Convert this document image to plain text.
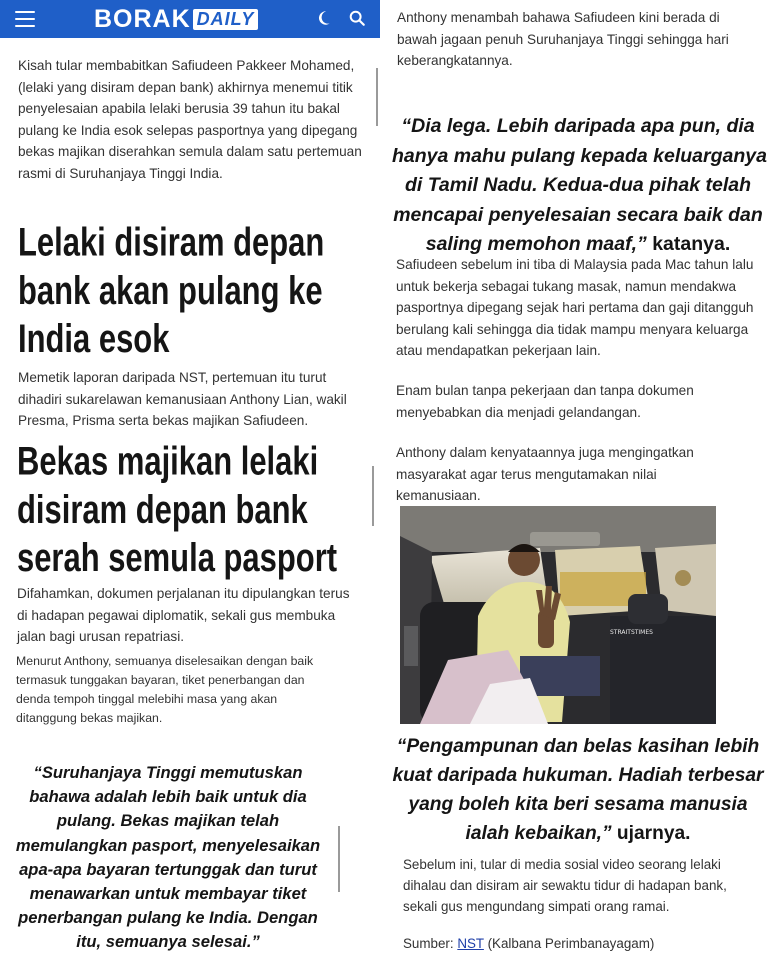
BORAK DAILY

Kisah tular membabitkan Safiudeen Pakkeer Mohamed, (lelaki yang disiram depan bank) akhirnya menemui titik penyelesaian apabila lelaki berusia 39 tahun itu bakal pulang ke India esok selepas pasportnya yang dipegang bekas majikan diserahkan semula dalam satu pertemuan rasmi di Suruhanjaya Tinggi India.

Lelaki disiram depan
bank akan pulang ke
India esok

Memetik laporan daripada NST, pertemuan itu turut dihadiri sukarelawan kemanusiaan Anthony Lian, wakil Presma, Prisma serta bekas majikan Safiudeen.

Bekas majikan lelaki
disiram depan bank
serah semula pasport

Difahamkan, dokumen perjalanan itu dipulangkan terus di hadapan pegawai diplomatik, sekali gus membuka jalan bagi urusan repatriasi.

Menurut Anthony, semuanya diselesaikan dengan baik termasuk tunggakan bayaran, tiket penerbangan dan denda tempoh tinggal melebihi masa yang akan ditanggung bekas majikan.

“Suruhanjaya Tinggi memutuskan
bahawa adalah lebih baik untuk dia
pulang. Bekas majikan telah
memulangkan pasport, menyelesaikan
apa-apa bayaran tertunggak dan turut
menawarkan untuk membayar tiket
penerbangan pulang ke India. Dengan
itu, semuanya selesai.”

Anthony menambah bahawa Safiudeen kini berada di bawah jagaan penuh Suruhanjaya Tinggi sehingga hari keberangkatannya.

“Dia lega. Lebih daripada apa pun, dia
hanya mahu pulang kepada keluarganya
di Tamil Nadu. Kedua-dua pihak telah
mencapai penyelesaian secara baik dan
saling memohon maaf,” katanya.

Safiudeen sebelum ini tiba di Malaysia pada Mac tahun lalu untuk bekerja sebagai tukang masak, namun mendakwa pasportnya dipegang sejak hari pertama dan gaji ditangguh berulang kali sehingga dia tidak mampu menyara keluarga atau mendapatkan pekerjaan lain.

Enam bulan tanpa pekerjaan dan tanpa dokumen menyebabkan dia menjadi gelandangan.

Anthony dalam kenyataannya juga mengingatkan masyarakat agar terus mengutamakan nilai kemanusiaan.

STRAITSTIMES
“Pengampunan dan belas kasihan lebih
kuat daripada hukuman. Hadiah terbesar
yang boleh kita beri sesama manusia
ialah kebaikan,” ujarnya.

Sebelum ini, tular di media sosial video seorang lelaki dihalau dan disiram air sewaktu tidur di hadapan bank, sekali gus mengundang simpati orang ramai.

Sumber: NST (Kalbana Perimbanayagam)
